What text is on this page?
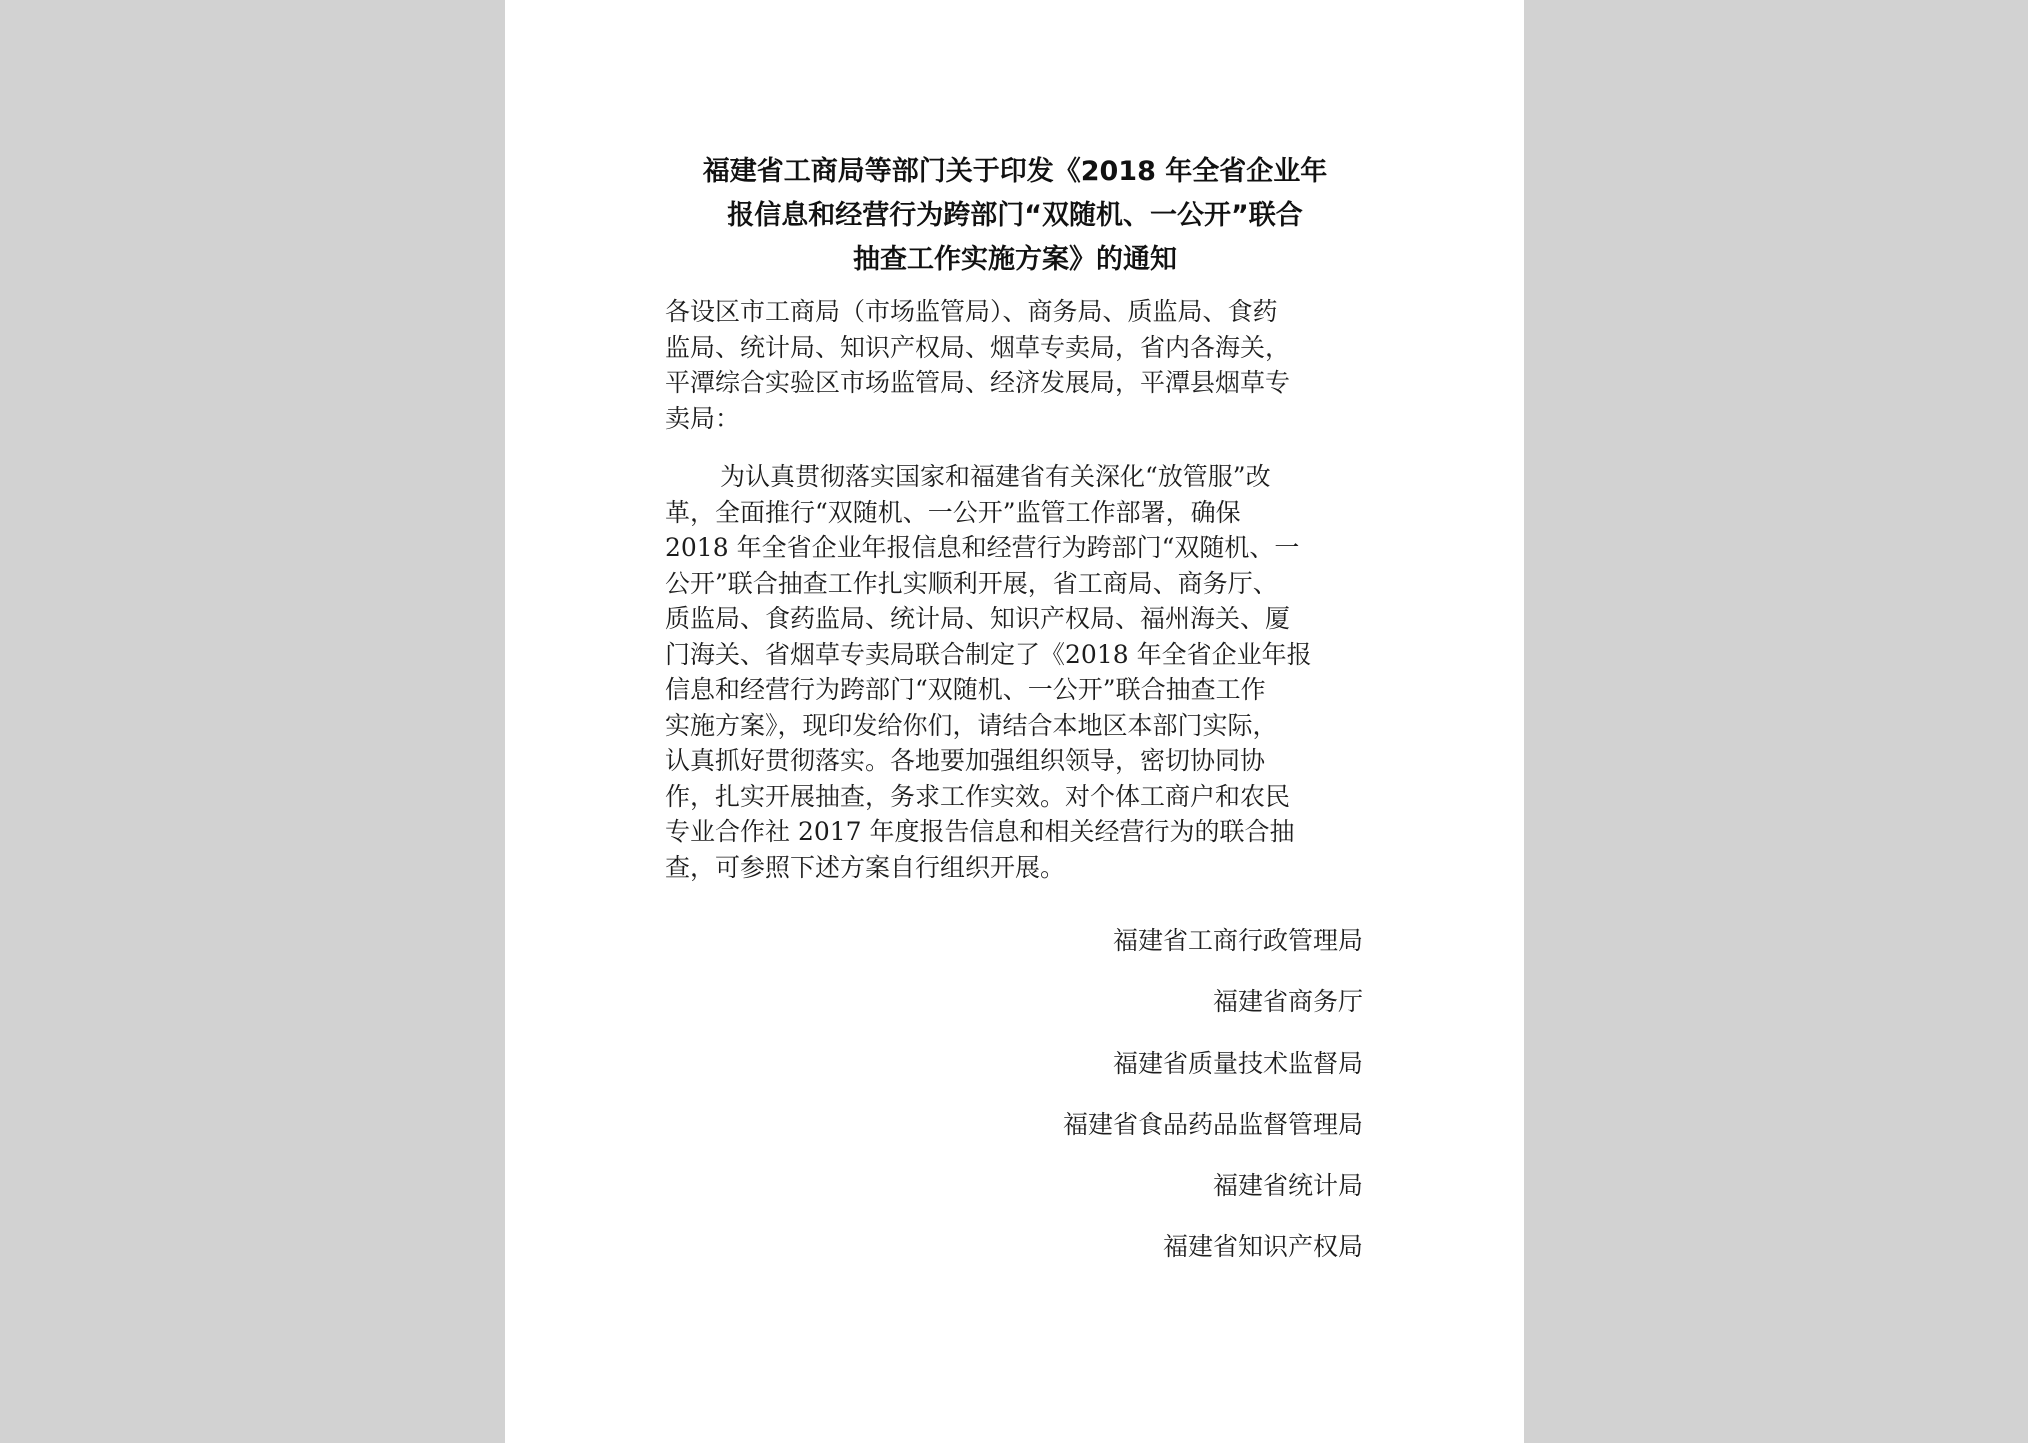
福建省工商局等部门关于印发《2018 年全省企业年
报信息和经营行为跨部门“双随机、一公开”联合
抽查工作实施方案》的通知

各设区市工商局（市场监管局）、商务局、质监局、食药
监局、统计局、知识产权局、烟草专卖局，省内各海关，
平潭综合实验区市场监管局、经济发展局，平潭县烟草专
卖局：

为认真贯彻落实国家和福建省有关深化“放管服”改
革，全面推行“双随机、一公开”监管工作部署，确保
2018 年全省企业年报信息和经营行为跨部门“双随机、一
公开”联合抽查工作扎实顺利开展，省工商局、商务厅、
质监局、食药监局、统计局、知识产权局、福州海关、厦
门海关、省烟草专卖局联合制定了《2018 年全省企业年报
信息和经营行为跨部门“双随机、一公开”联合抽查工作
实施方案》，现印发给你们，请结合本地区本部门实际，
认真抓好贯彻落实。各地要加强组织领导，密切协同协
作，扎实开展抽查，务求工作实效。对个体工商户和农民
专业合作社 2017 年度报告信息和相关经营行为的联合抽
查，可参照下述方案自行组织开展。

福建省工商行政管理局
福建省商务厅
福建省质量技术监督局
福建省食品药品监督管理局
福建省统计局
福建省知识产权局
